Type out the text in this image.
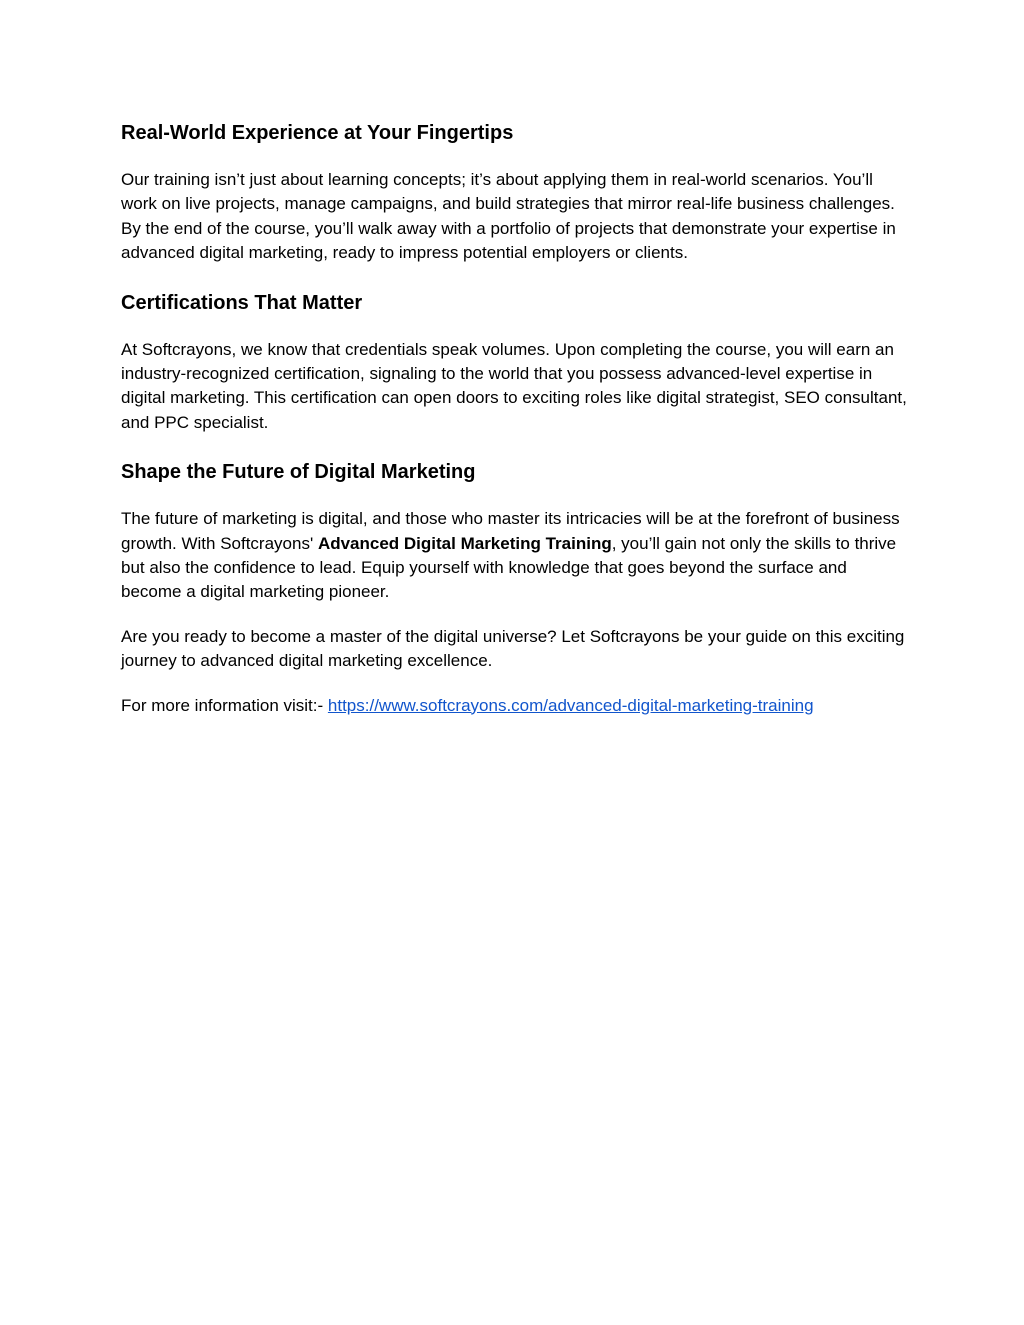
Real-World Experience at Your Fingertips

Our training isn’t just about learning concepts; it’s about applying them in real-world scenarios. You’ll work on live projects, manage campaigns, and build strategies that mirror real-life business challenges. By the end of the course, you’ll walk away with a portfolio of projects that demonstrate your expertise in advanced digital marketing, ready to impress potential employers or clients.

Certifications That Matter

At Softcrayons, we know that credentials speak volumes. Upon completing the course, you will earn an industry-recognized certification, signaling to the world that you possess advanced-level expertise in digital marketing. This certification can open doors to exciting roles like digital strategist, SEO consultant, and PPC specialist.

Shape the Future of Digital Marketing

The future of marketing is digital, and those who master its intricacies will be at the forefront of business growth. With Softcrayons' Advanced Digital Marketing Training, you’ll gain not only the skills to thrive but also the confidence to lead. Equip yourself with knowledge that goes beyond the surface and become a digital marketing pioneer.

Are you ready to become a master of the digital universe? Let Softcrayons be your guide on this exciting journey to advanced digital marketing excellence.

For more information visit:- https://www.softcrayons.com/advanced-digital-marketing-training
